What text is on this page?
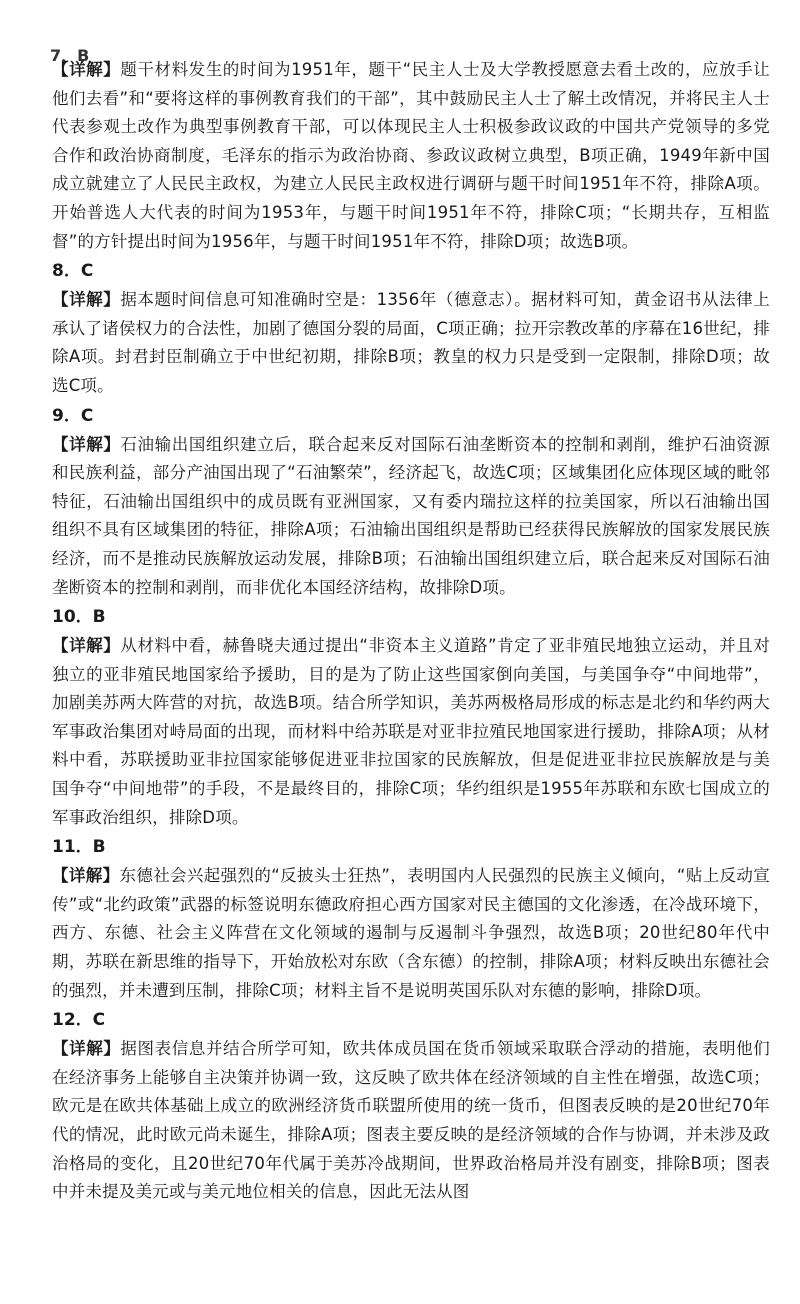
7．B
【详解】题干材料发生的时间为1951年，题干“民主人士及大学教授愿意去看土改的，应放手让他们去看”和“要将这样的事例教育我们的干部”，其中鼓励民主人士了解土改情况，并将民主人士代表参观土改作为典型事例教育干部，可以体现民主人士积极参政议政的中国共产党领导的多党合作和政治协商制度，毛泽东的指示为政治协商、参政议政树立典型，B项正确，1949年新中国成立就建立了人民民主政权，为建立人民民主政权进行调研与题干时间1951年不符，排除A项。开始普选人大代表的时间为1953年，与题干时间1951年不符，排除C项；“长期共存，互相监督”的方针提出时间为1956年，与题干时间1951年不符，排除D项；故选B项。
8．C
【详解】据本题时间信息可知准确时空是：1356年（德意志）。据材料可知，黄金诏书从法律上承认了诸侯权力的合法性，加剧了德国分裂的局面，C项正确；拉开宗教改革的序幕在16世纪，排除A项。封君封臣制确立于中世纪初期，排除B项；教皇的权力只是受到一定限制，排除D项；故选C项。
9．C
【详解】石油输出国组织建立后，联合起来反对国际石油垄断资本的控制和剥削，维护石油资源和民族利益，部分产油国出现了“石油繁荣”，经济起飞，故选C项；区域集团化应体现区域的毗邻特征，石油输出国组织中的成员既有亚洲国家，又有委内瑞拉这样的拉美国家，所以石油输出国组织不具有区域集团的特征，排除A项；石油输出国组织是帮助已经获得民族解放的国家发展民族经济，而不是推动民族解放运动发展，排除B项；石油输出国组织建立后，联合起来反对国际石油垄断资本的控制和剥削，而非优化本国经济结构，故排除D项。
10．B
【详解】从材料中看，赫鲁晓夫通过提出“非资本主义道路”肯定了亚非殖民地独立运动，并且对独立的亚非殖民地国家给予援助，目的是为了防止这些国家倒向美国，与美国争夺“中间地带”，加剧美苏两大阵营的对抗，故选B项。结合所学知识，美苏两极格局形成的标志是北约和华约两大军事政治集团对峙局面的出现，而材料中给苏联是对亚非拉殖民地国家进行援助，排除A项；从材料中看，苏联援助亚非拉国家能够促进亚非拉国家的民族解放，但是促进亚非拉民族解放是与美国争夺“中间地带”的手段，不是最终目的，排除C项；华约组织是1955年苏联和东欧七国成立的军事政治组织，排除D项。
11．B
【详解】东德社会兴起强烈的“反披头士狂热”，表明国内人民强烈的民族主义倾向，“贴上反动宣传”或“北约政策”武器的标签说明东德政府担心西方国家对民主德国的文化渗透，在冷战环境下，西方、东德、社会主义阵营在文化领域的遏制与反遏制斗争强烈，故选B项；20世纪80年代中期，苏联在新思维的指导下，开始放松对东欧（含东德）的控制，排除A项；材料反映出东德社会的强烈，并未遭到压制，排除C项；材料主旨不是说明英国乐队对东德的影响，排除D项。
12．C
【详解】据图表信息并结合所学可知，欧共体成员国在货币领域采取联合浮动的措施，表明他们在经济事务上能够自主决策并协调一致，这反映了欧共体在经济领域的自主性在增强，故选C项；欧元是在欧共体基础上成立的欧洲经济货币联盟所使用的统一货币，但图表反映的是20世纪70年代的情况，此时欧元尚未诞生，排除A项；图表主要反映的是经济领域的合作与协调，并未涉及政治格局的变化，且20世纪70年代属于美苏冷战期间，世界政治格局并没有剧变，排除B项；图表中并未提及美元或与美元地位相关的信息，因此无法从图
